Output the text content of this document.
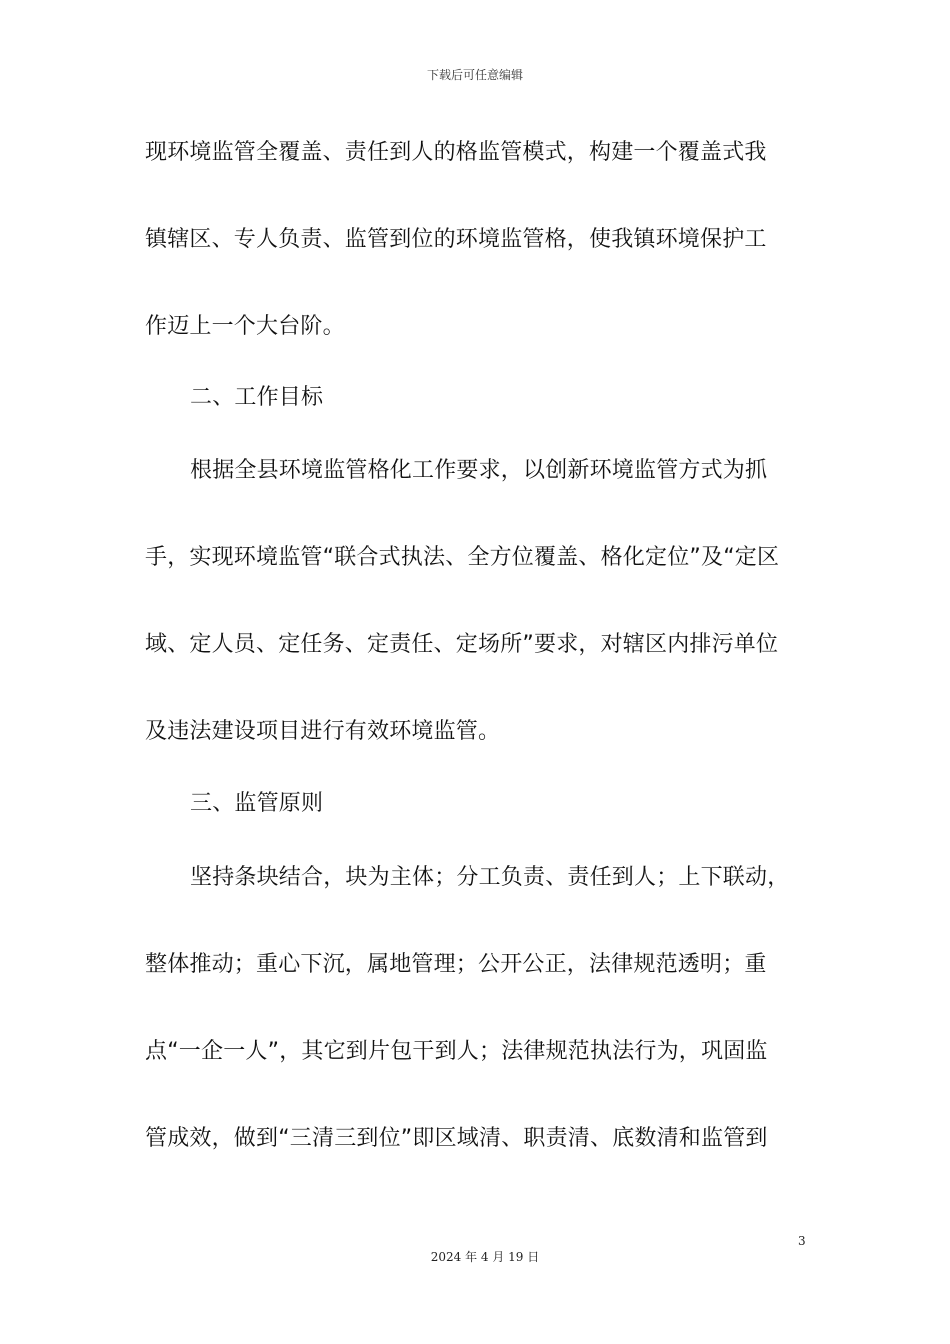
下载后可任意编辑
现环境监管全覆盖、责任到人的格监管模式，构建一个覆盖式我
镇辖区、专人负责、监管到位的环境监管格，使我镇环境保护工
作迈上一个大台阶。
二、工作目标
根据全县环境监管格化工作要求，以创新环境监管方式为抓
手，实现环境监管“联合式执法、全方位覆盖、格化定位”及“定区
域、定人员、定任务、定责任、定场所”要求，对辖区内排污单位
及违法建设项目进行有效环境监管。
三、监管原则
坚持条块结合，块为主体；分工负责、责任到人；上下联动，
整体推动；重心下沉，属地管理；公开公正，法律规范透明；重
点“一企一人”，其它到片包干到人；法律规范执法行为，巩固监
管成效，做到“三清三到位”即区域清、职责清、底数清和监管到
3
2024 年 4 月 19 日
